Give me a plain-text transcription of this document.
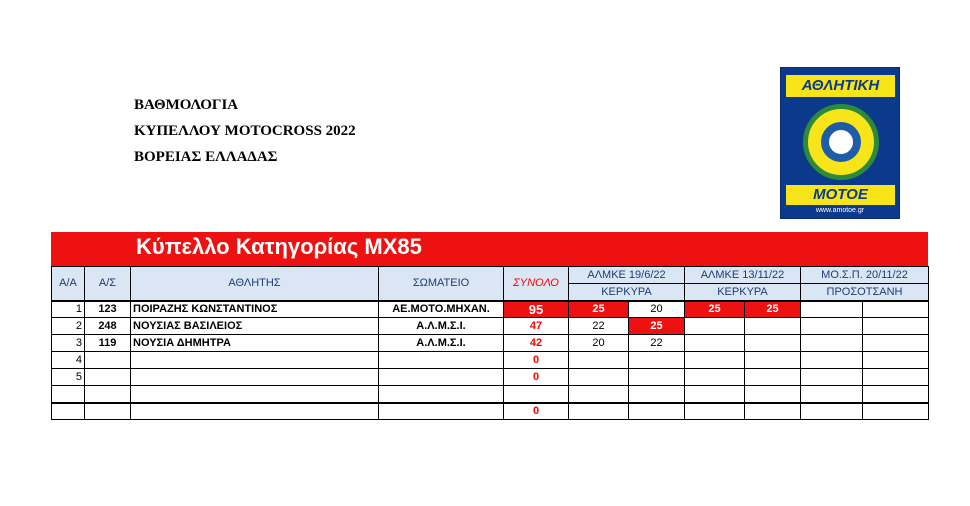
ΒΑΘΜΟΛΟΓΙΑ
ΚΥΠΕΛΛΟΥ MOTOCROSS 2022
ΒΟΡΕΙΑΣ ΕΛΛΑΔΑΣ
ΑΘΛΗΤΙΚΗ
ΜΟΤΟΕ
www.amotoe.gr
Κύπελλο Κατηγορίας MX85
Α/Α	Α/Σ	ΑΘΛΗΤΗΣ	ΣΩΜΑΤΕΙΟ	ΣΥΝΟΛΟ	ΑΛΜΚΕ 19/6/22		ΑΛΜΚΕ 13/11/22		ΜΟ.Σ.Π. 20/11/22	
					ΚΕΡΚΥΡΑ		ΚΕΡΚΥΡΑ		ΠΡΟΣΟΤΣΑΝΗ	
1	123	ΠΟΙΡΑΖΗΣ ΚΩΝΣΤΑΝΤΙΝΟΣ	ΑΕ.ΜΟΤΟ.ΜΗΧΑΝ.	95	25	20	25	25		
2	248	ΝΟΥΣΙΑΣ ΒΑΣΙΛΕΙΟΣ	Α.Λ.Μ.Σ.Ι.	47	22	25				
3	119	ΝΟΥΣΙΑ ΔΗΜΗΤΡΑ	Α.Λ.Μ.Σ.Ι.	42	20	22				
4				0						
5				0						

				0						
